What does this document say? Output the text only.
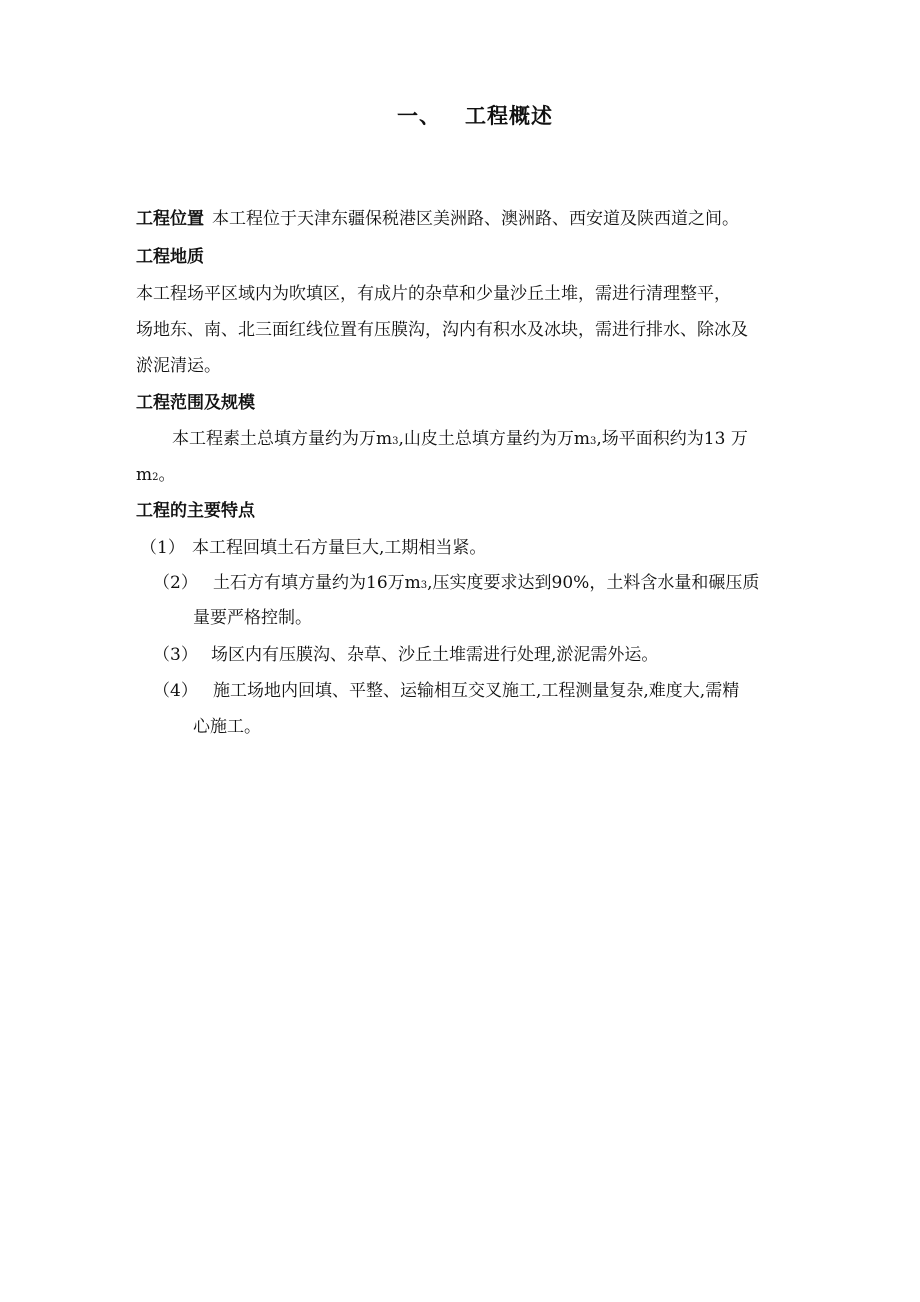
一、 工程概述
工程位置 本工程位于天津东疆保税港区美洲路、澳洲路、西安道及陕西道之间。
工程地质
本工程场平区域内为吹填区，有成片的杂草和少量沙丘土堆，需进行清理整平，
场地东、南、北三面红线位置有压膜沟，沟内有积水及冰块，需进行排水、除冰及
淤泥清运。
工程范围及规模
本工程素土总填方量约为万m3,山皮土总填方量约为万m3,场平面积约为13 万
m2。
工程的主要特点
（1） 本工程回填土石方量巨大,工期相当紧。
（2） 土石方有填方量约为16万m3,压实度要求达到90%，土料含水量和碾压质
量要严格控制。
（3） 场区内有压膜沟、杂草、沙丘土堆需进行处理,淤泥需外运。
（4） 施工场地内回填、平整、运输相互交叉施工,工程测量复杂,难度大,需精
心施工。
